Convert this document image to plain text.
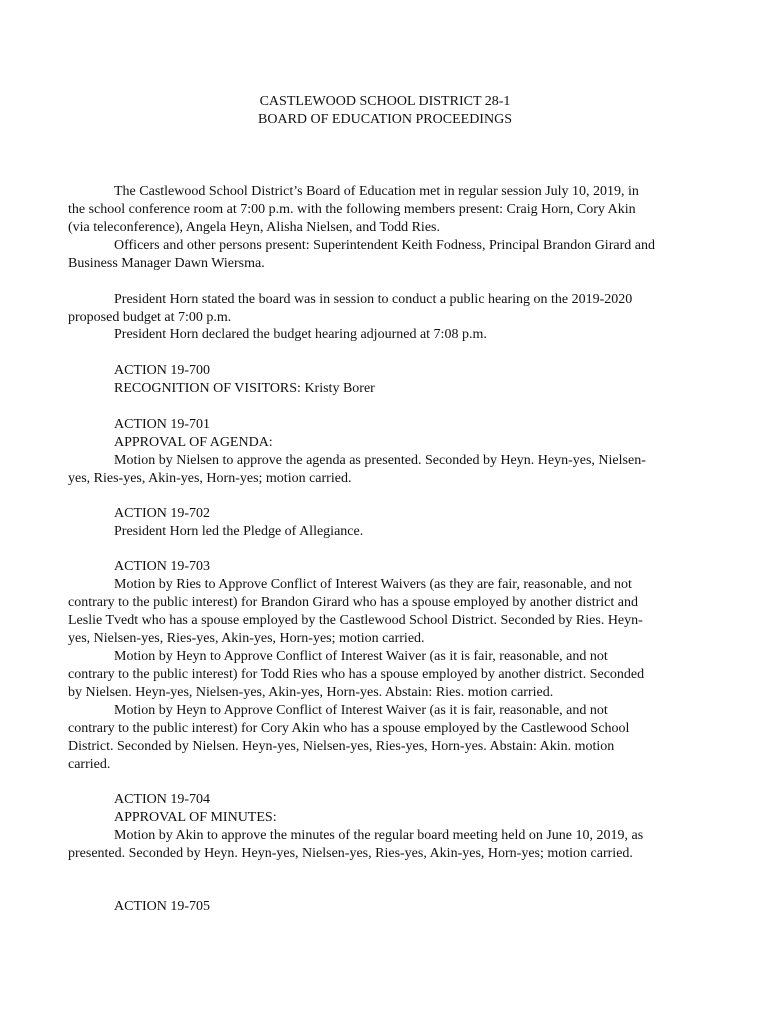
CASTLEWOOD SCHOOL DISTRICT 28-1
BOARD OF EDUCATION PROCEEDINGS
The Castlewood School District’s Board of Education met in regular session July 10, 2019, in
the school conference room at 7:00 p.m. with the following members present: Craig Horn, Cory Akin
(via teleconference), Angela Heyn, Alisha Nielsen, and Todd Ries.
Officers and other persons present: Superintendent Keith Fodness, Principal Brandon Girard and
Business Manager Dawn Wiersma.
President Horn stated the board was in session to conduct a public hearing on the 2019-2020
proposed budget at 7:00 p.m.
President Horn declared the budget hearing adjourned at 7:08 p.m.
ACTION 19-700
RECOGNITION OF VISITORS: Kristy Borer
ACTION 19-701
APPROVAL OF AGENDA:
Motion by Nielsen to approve the agenda as presented. Seconded by Heyn. Heyn-yes, Nielsen-
yes, Ries-yes, Akin-yes, Horn-yes; motion carried.
ACTION 19-702
President Horn led the Pledge of Allegiance.
ACTION 19-703
Motion by Ries to Approve Conflict of Interest Waivers (as they are fair, reasonable, and not
contrary to the public interest) for Brandon Girard who has a spouse employed by another district and
Leslie Tvedt who has a spouse employed by the Castlewood School District. Seconded by Ries. Heyn-
yes, Nielsen-yes, Ries-yes, Akin-yes, Horn-yes; motion carried.
Motion by Heyn to Approve Conflict of Interest Waiver (as it is fair, reasonable, and not
contrary to the public interest) for Todd Ries who has a spouse employed by another district. Seconded
by Nielsen. Heyn-yes, Nielsen-yes, Akin-yes, Horn-yes. Abstain: Ries. motion carried.
Motion by Heyn to Approve Conflict of Interest Waiver (as it is fair, reasonable, and not
contrary to the public interest) for Cory Akin who has a spouse employed by the Castlewood School
District. Seconded by Nielsen. Heyn-yes, Nielsen-yes, Ries-yes, Horn-yes. Abstain: Akin. motion
carried.
ACTION 19-704
APPROVAL OF MINUTES:
Motion by Akin to approve the minutes of the regular board meeting held on June 10, 2019, as
presented. Seconded by Heyn. Heyn-yes, Nielsen-yes, Ries-yes, Akin-yes, Horn-yes; motion carried.
ACTION 19-705
